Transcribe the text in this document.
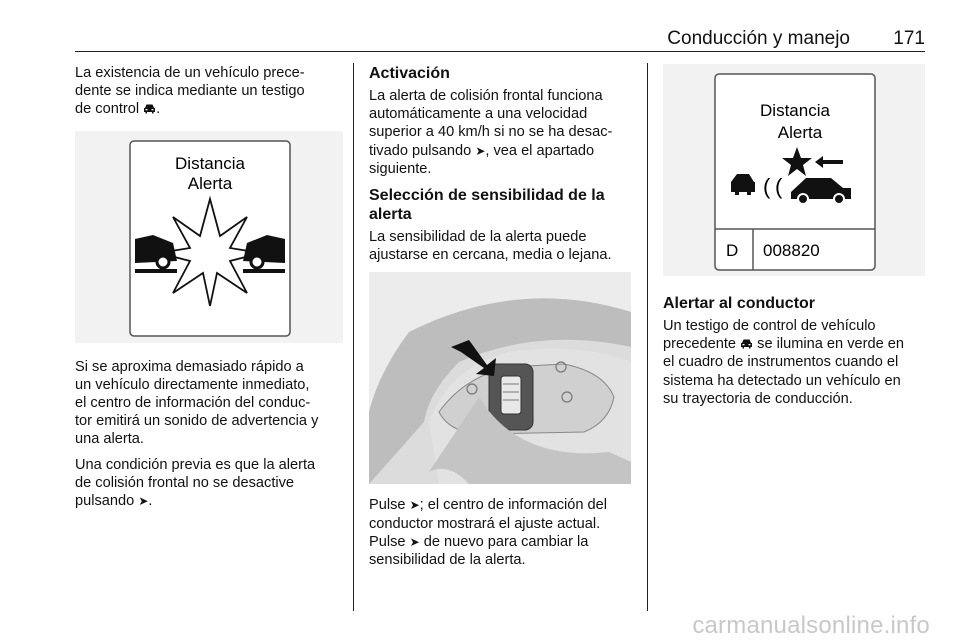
Conducción y manejo 171

La existencia de un vehículo prece-
dente se indica mediante un testigo
de control .

Distancia
Alerta

Si se aproxima demasiado rápido a
un vehículo directamente inmediato,
el centro de información del conduc-
tor emitirá un sonido de advertencia y
una alerta.

Una condición previa es que la alerta
de colisión frontal no se desactive
pulsando ➤.

Activación

La alerta de colisión frontal funciona
automáticamente a una velocidad
superior a 40 km/h si no se ha desac-
tivado pulsando ➤, vea el apartado
siguiente.

Selección de sensibilidad de la
alerta

La sensibilidad de la alerta puede
ajustarse en cercana, media o lejana.

Pulse ➤; el centro de información del
conductor mostrará el ajuste actual.
Pulse ➤ de nuevo para cambiar la
sensibilidad de la alerta.

Distancia
Alerta
( (
D 008820
Alertar al conductor

Un testigo de control de vehículo
precedente se ilumina en verde en
el cuadro de instrumentos cuando el
sistema ha detectado un vehículo en
su trayectoria de conducción.

carmanualsonline.info
